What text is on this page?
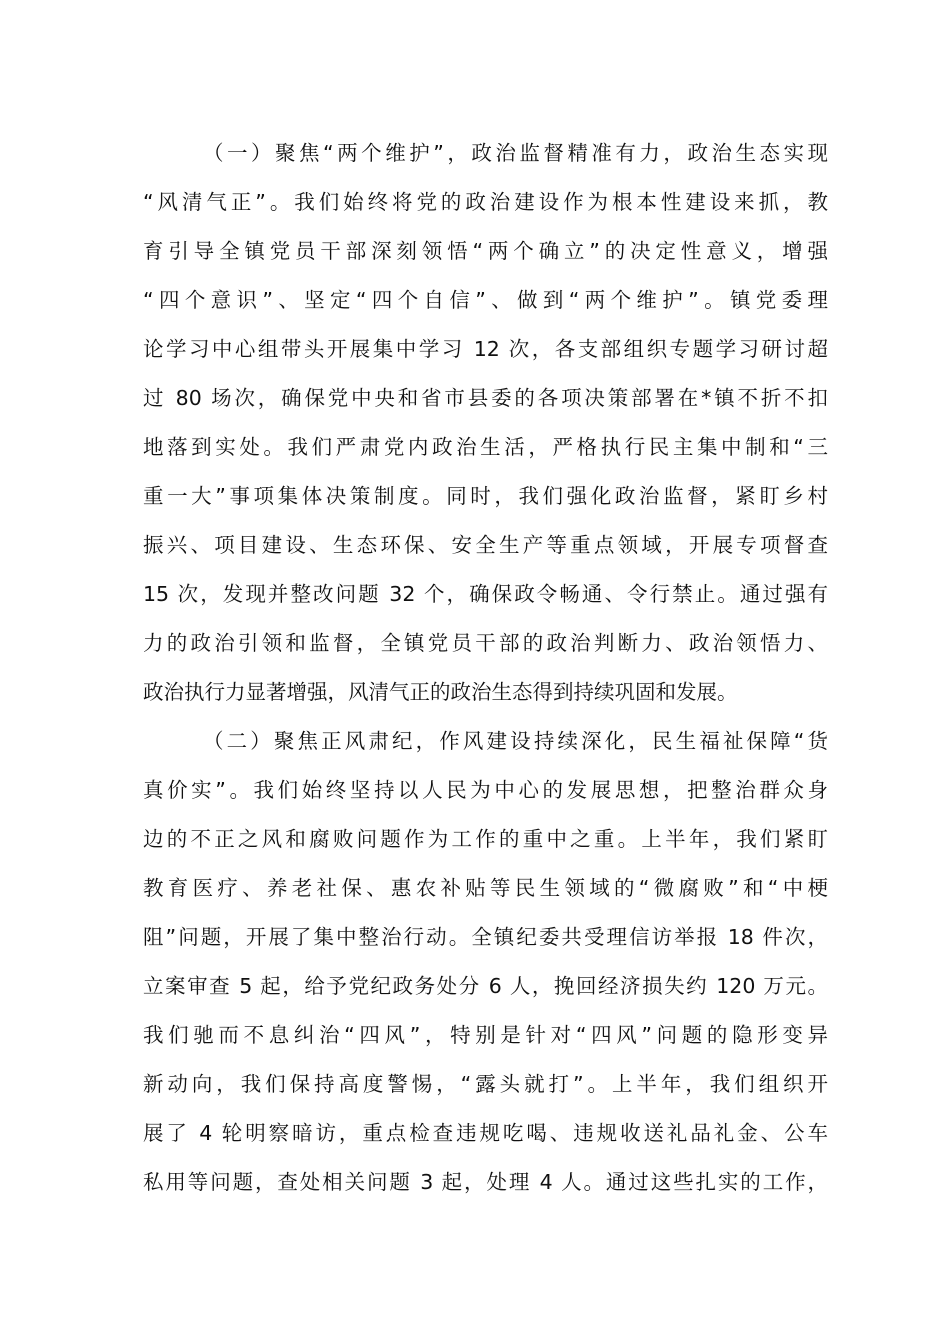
（一）聚焦“两个维护”，政治监督精准有力，政治生态实现
“风清气正”。我们始终将党的政治建设作为根本性建设来抓，教
育引导全镇党员干部深刻领悟“两个确立”的决定性意义，增强
“四个意识”、坚定“四个自信”、做到“两个维护”。镇党委理
论学习中心组带头开展集中学习 12 次，各支部组织专题学习研讨超
过 80 场次，确保党中央和省市县委的各项决策部署在*镇不折不扣
地落到实处。我们严肃党内政治生活，严格执行民主集中制和“三
重一大”事项集体决策制度。同时，我们强化政治监督，紧盯乡村
振兴、项目建设、生态环保、安全生产等重点领域，开展专项督查
15 次，发现并整改问题 32 个，确保政令畅通、令行禁止。通过强有
力的政治引领和监督，全镇党员干部的政治判断力、政治领悟力、
政治执行力显著增强，风清气正的政治生态得到持续巩固和发展。
（二）聚焦正风肃纪，作风建设持续深化，民生福祉保障“货
真价实”。我们始终坚持以人民为中心的发展思想，把整治群众身
边的不正之风和腐败问题作为工作的重中之重。上半年，我们紧盯
教育医疗、养老社保、惠农补贴等民生领域的“微腐败”和“中梗
阻”问题，开展了集中整治行动。全镇纪委共受理信访举报 18 件次，
立案审查 5 起，给予党纪政务处分 6 人，挽回经济损失约 120 万元。
我们驰而不息纠治“四风”，特别是针对“四风”问题的隐形变异
新动向，我们保持高度警惕，“露头就打”。上半年，我们组织开
展了 4 轮明察暗访，重点检查违规吃喝、违规收送礼品礼金、公车
私用等问题，查处相关问题 3 起，处理 4 人。通过这些扎实的工作，
